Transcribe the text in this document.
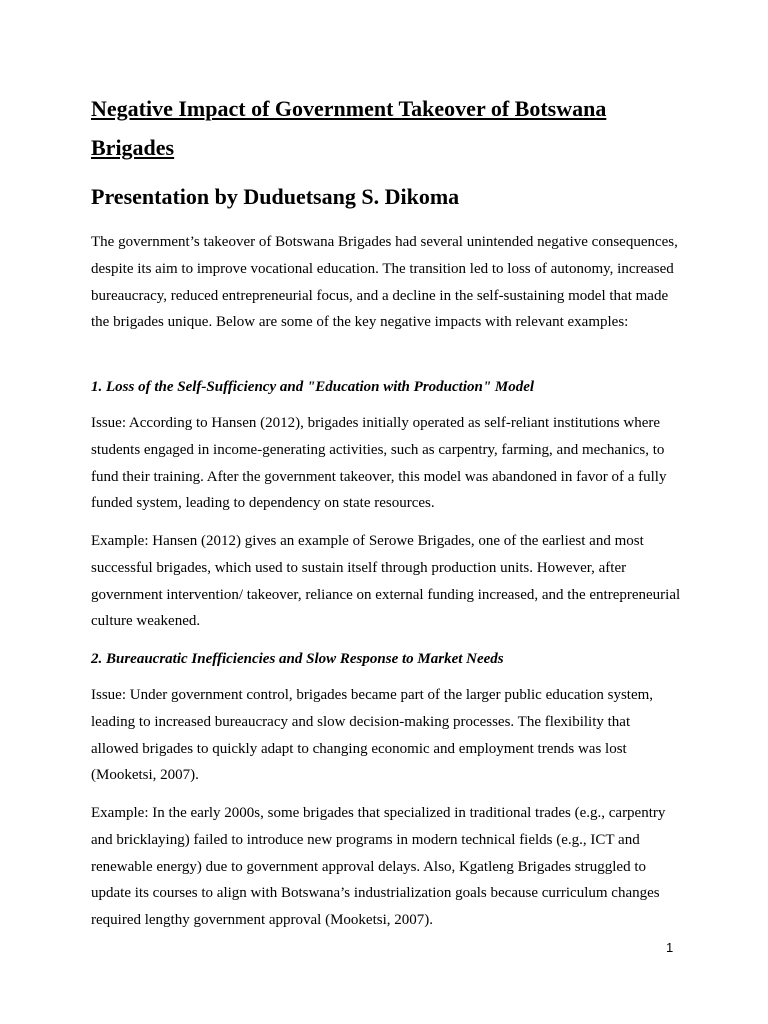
Negative Impact of Government Takeover of Botswana Brigades
Presentation by Duduetsang S. Dikoma

The government’s takeover of Botswana Brigades had several unintended negative consequences, despite its aim to improve vocational education. The transition led to loss of autonomy, increased bureaucracy, reduced entrepreneurial focus, and a decline in the self-sustaining model that made the brigades unique. Below are some of the key negative impacts with relevant examples:

1. Loss of the Self-Sufficiency and "Education with Production" Model

Issue: According to Hansen (2012), brigades initially operated as self-reliant institutions where students engaged in income-generating activities, such as carpentry, farming, and mechanics, to fund their training. After the government takeover, this model was abandoned in favor of a fully funded system, leading to dependency on state resources.

Example: Hansen (2012) gives an example of Serowe Brigades, one of the earliest and most successful brigades, which used to sustain itself through production units. However, after government intervention/ takeover, reliance on external funding increased, and the entrepreneurial culture weakened.

2. Bureaucratic Inefficiencies and Slow Response to Market Needs

Issue: Under government control, brigades became part of the larger public education system, leading to increased bureaucracy and slow decision-making processes. The flexibility that allowed brigades to quickly adapt to changing economic and employment trends was lost (Mooketsi, 2007).

Example: In the early 2000s, some brigades that specialized in traditional trades (e.g., carpentry and bricklaying) failed to introduce new programs in modern technical fields (e.g., ICT and renewable energy) due to government approval delays. Also, Kgatleng Brigades struggled to update its courses to align with Botswana’s industrialization goals because curriculum changes required lengthy government approval (Mooketsi, 2007).

1
